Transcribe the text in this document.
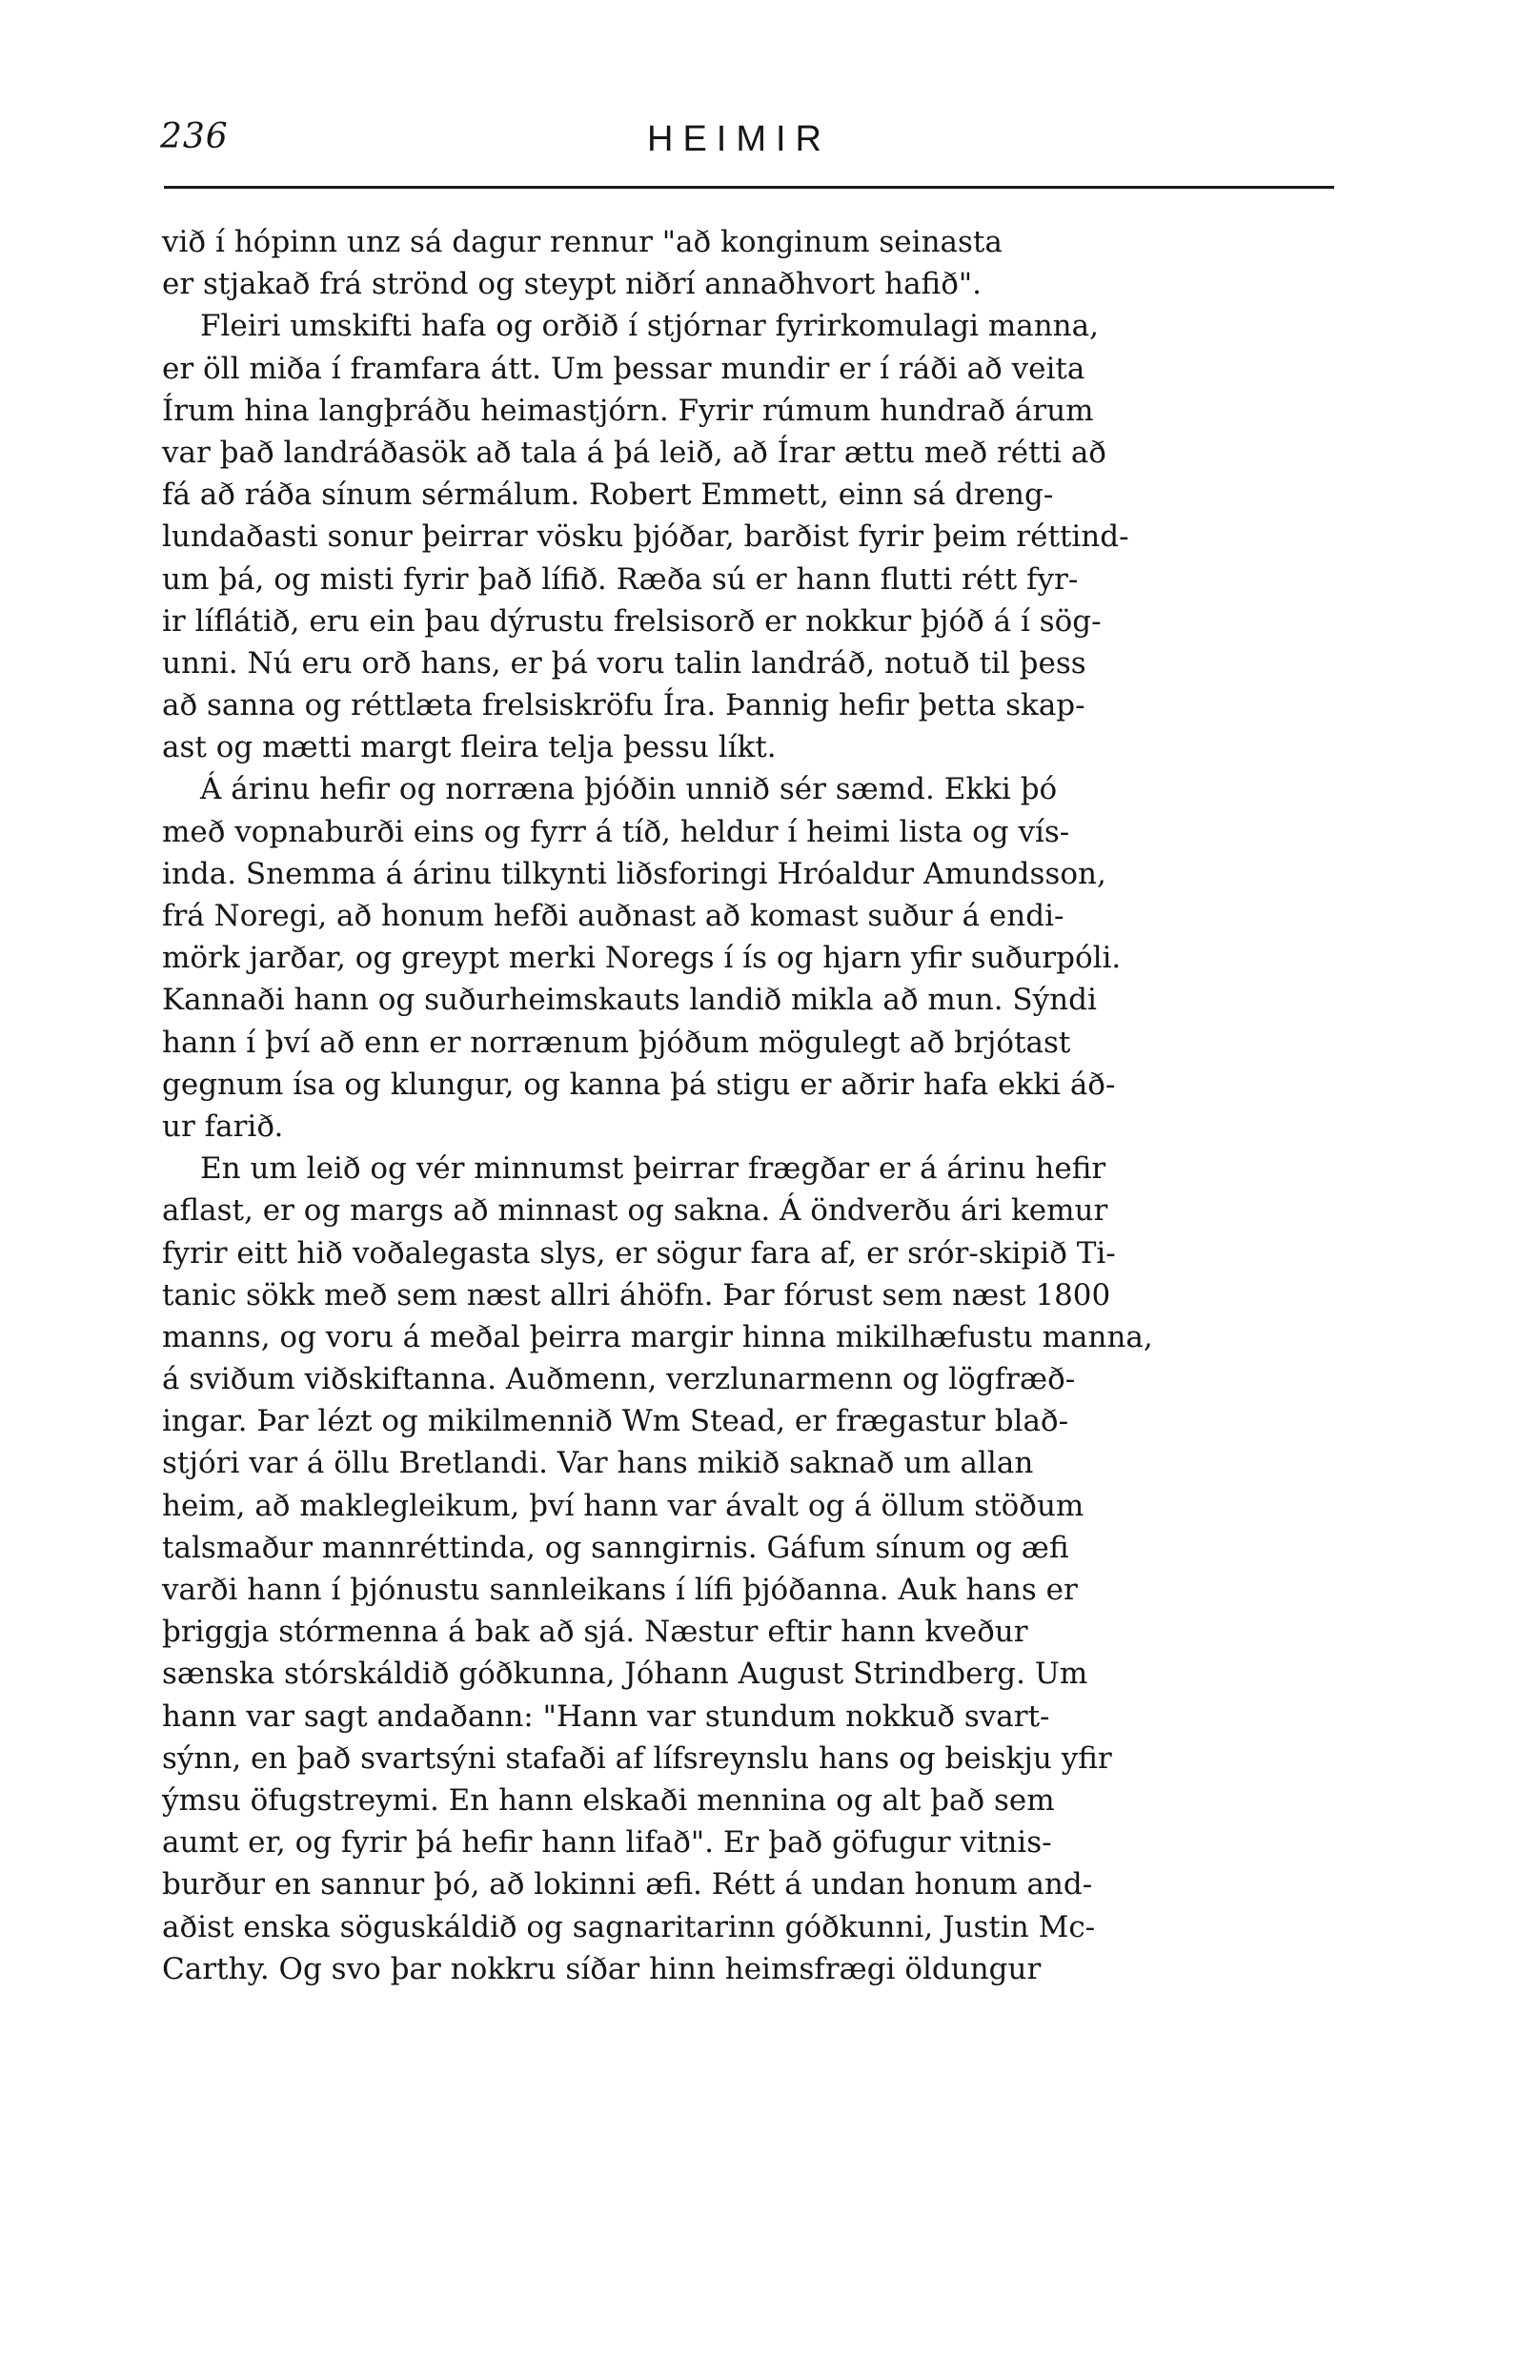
236	HEIMIR
við í hópinn unz sá dagur rennur "að konginum seinasta
er stjakað frá strönd og steypt niðrí annaðhvort hafið".
Fleiri umskifti hafa og orðið í stjórnar fyrirkomulagi manna,
er öll miða í framfara átt. Um þessar mundir er í ráði að veita
Írum hina langþráðu heimastjórn. Fyrir rúmum hundrað árum
var það landráðasök að tala á þá leið, að Írar ættu með rétti að
fá að ráða sínum sérmálum. Robert Emmett, einn sá dreng-
lundaðasti sonur þeirrar vösku þjóðar, barðist fyrir þeim réttind-
um þá, og misti fyrir það lífið. Ræða sú er hann flutti rétt fyr-
ir líflátið, eru ein þau dýrustu frelsisorð er nokkur þjóð á í sög-
unni. Nú eru orð hans, er þá voru talin landráð, notuð til þess
að sanna og réttlæta frelsiskröfu Íra. Þannig hefir þetta skap-
ast og mætti margt fleira telja þessu líkt.
Á árinu hefir og norræna þjóðin unnið sér sæmd. Ekki þó
með vopnaburði eins og fyrr á tíð, heldur í heimi lista og vís-
inda. Snemma á árinu tilkynti liðsforingi Hróaldur Amundsson,
frá Noregi, að honum hefði auðnast að komast suður á endi-
mörk jarðar, og greypt merki Noregs í ís og hjarn yfir suðurpóli.
Kannaði hann og suðurheimskauts landið mikla að mun. Sýndi
hann í því að enn er norrænum þjóðum mögulegt að brjótast
gegnum ísa og klungur, og kanna þá stigu er aðrir hafa ekki áð-
ur farið.
En um leið og vér minnumst þeirrar frægðar er á árinu hefir
aflast, er og margs að minnast og sakna. Á öndverðu ári kemur
fyrir eitt hið voðalegasta slys, er sögur fara af, er srór-skipið Ti-
tanic sökk með sem næst allri áhöfn. Þar fórust sem næst 1800
manns, og voru á meðal þeirra margir hinna mikilhæfustu manna,
á sviðum viðskiftanna. Auðmenn, verzlunarmenn og lögfræð-
ingar. Þar lézt og mikilmennið Wm Stead, er frægastur blað-
stjóri var á öllu Bretlandi. Var hans mikið saknað um allan
heim, að maklegleikum, því hann var ávalt og á öllum stöðum
talsmaður mannréttinda, og sanngirnis. Gáfum sínum og æfi
varði hann í þjónustu sannleikans í lífi þjóðanna. Auk hans er
þriggja stórmenna á bak að sjá. Næstur eftir hann kveður
sænska stórskáldið góðkunna, Jóhann August Strindberg. Um
hann var sagt andaðann: "Hann var stundum nokkuð svart-
sýnn, en það svartsýni stafaði af lífsreynslu hans og beiskju yfir
ýmsu öfugstreymi. En hann elskaði mennina og alt það sem
aumt er, og fyrir þá hefir hann lifað". Er það göfugur vitnis-
burður en sannur þó, að lokinni æfi. Rétt á undan honum and-
aðist enska söguskáldið og sagnaritarinn góðkunni, Justin Mc-
Carthy. Og svo þar nokkru síðar hinn heimsfrægi öldungur
